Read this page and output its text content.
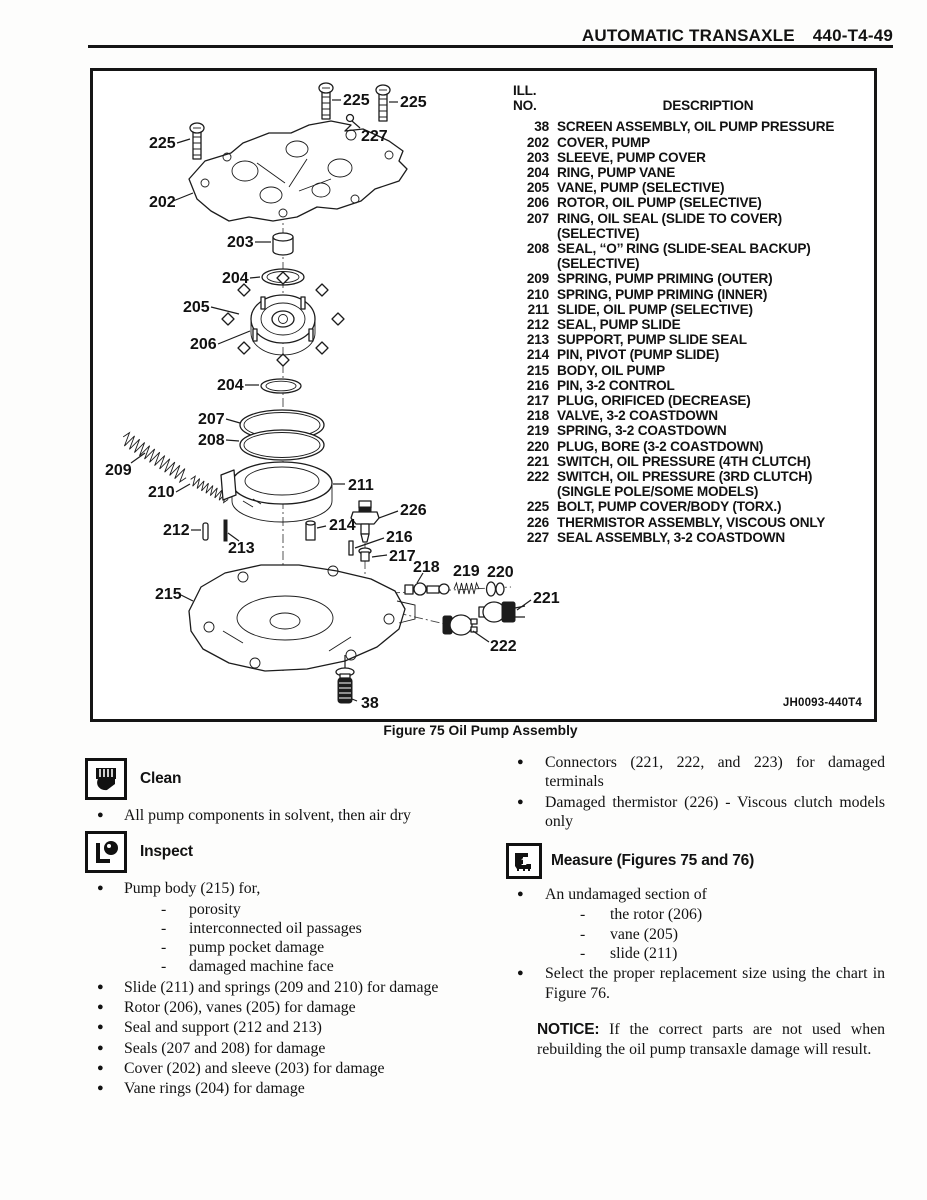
AUTOMATIC TRANSAXLE 440-T4-49
225
225 225
227
202
203
204
205
206
204
207
208
209
210	211
212
213
214
226
216
217
215
218 219 220
221
222
38
ILL.
NO.	DESCRIPTION
38 SCREEN ASSEMBLY, OIL PUMP PRESSURE
202 COVER, PUMP
203 SLEEVE, PUMP COVER
204 RING, PUMP VANE
205 VANE, PUMP (SELECTIVE)
206 ROTOR, OIL PUMP (SELECTIVE)
207 RING, OIL SEAL (SLIDE TO COVER) (SELECTIVE)
208 SEAL, ‘‘O’’ RING (SLIDE-SEAL BACKUP) (SELECTIVE)
209 SPRING, PUMP PRIMING (OUTER)
210 SPRING, PUMP PRIMING (INNER)
211 SLIDE, OIL PUMP (SELECTIVE)
212 SEAL, PUMP SLIDE
213 SUPPORT, PUMP SLIDE SEAL
214 PIN, PIVOT (PUMP SLIDE)
215 BODY, OIL PUMP
216 PIN, 3-2 CONTROL
217 PLUG, ORIFICED (DECREASE)
218 VALVE, 3-2 COASTDOWN
219 SPRING, 3-2 COASTDOWN
220 PLUG, BORE (3-2 COASTDOWN)
221 SWITCH, OIL PRESSURE (4TH CLUTCH)
222 SWITCH, OIL PRESSURE (3RD CLUTCH) (SINGLE POLE/SOME MODELS)
225 BOLT, PUMP COVER/BODY (TORX.)
226 THERMISTOR ASSEMBLY, VISCOUS ONLY
227 SEAL ASSEMBLY, 3-2 COASTDOWN
JH0093-440T4
Figure 75 Oil Pump Assembly
Clean
●	All pump components in solvent, then air dry
Inspect
●	Pump body (215) for,
-	porosity
-	interconnected oil passages
-	pump pocket damage
-	damaged machine face
●	Slide (211) and springs (209 and 210) for damage
●	Rotor (206), vanes (205) for damage
●	Seal and support (212 and 213)
●	Seals (207 and 208) for damage
●	Cover (202) and sleeve (203) for damage
●	Vane rings (204) for damage
●	Connectors (221, 222, and 223) for damaged terminals
●	Damaged thermistor (226) - Viscous clutch models only
1 Measure (Figures 75 and 76)
●	An undamaged section of
-	the rotor (206)
-	vane (205)
-	slide (211)
●	Select the proper replacement size using the chart in Figure 76.
NOTICE: If the correct parts are not used when rebuilding the oil pump transaxle damage will result.
